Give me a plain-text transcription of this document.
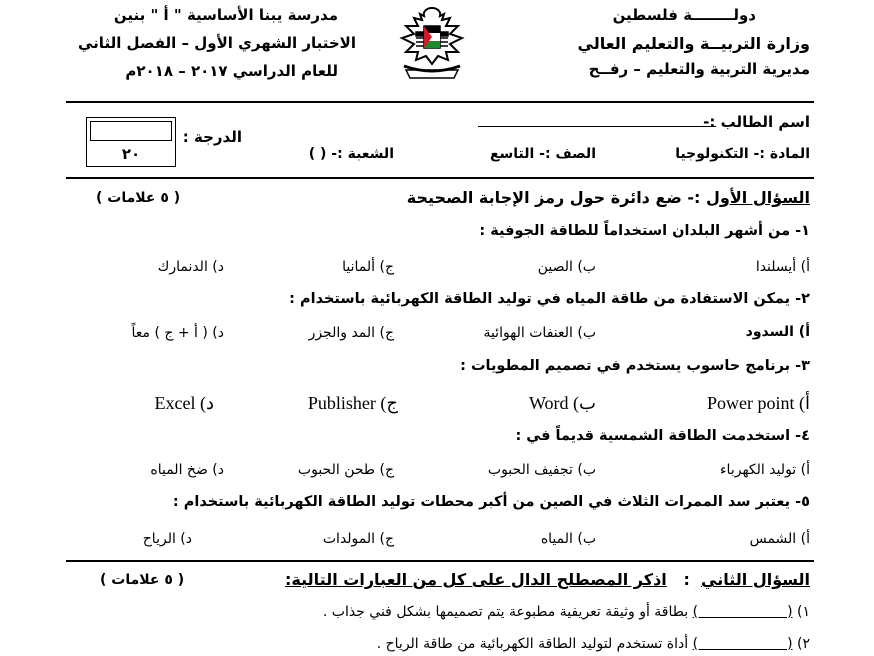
دولــــــــة فلسطين
وزارة التربيــة والتعليم العالي
مديرية التربية والتعليم – رفــح
مدرسة يبنا الأساسية " أ " بنين
الاختبار الشهري الأول – الفصل الثاني
للعام الدراسي ٢٠١٧ – ٢٠١٨م
اسم الطالب :-
الدرجة :
٢٠	المادة :- التكنولوجيا
الصف :- التاسع
الشعبة :- ( )
السؤال الأول :- ضع دائرة حول رمز الإجابة الصحيحة
( ٥ علامات )
١- من أشهر البلدان استخداماً للطاقة الجوفية :
أ) أيسلندا
ب) الصين
ج) ألمانيا
د) الدنمارك
٢- يمكن الاستفادة من طاقة المياه في توليد الطاقة الكهربائية باستخدام :
أ) السدود
ب) العنفات الهوائية
ج) المد والجزر
د) ( أ + ج ) معاً
٣- برنامج حاسوب يستخدم في تصميم المطويات :
أ) Power point
ب) Word
ج) Publisher
د) Excel
٤- استخدمت الطاقة الشمسية قديماً في :
أ) توليد الكهرباء
ب) تجفيف الحبوب
ج) طحن الحبوب
د) ضخ المياه
٥- يعتبر سد الممرات الثلاث في الصين من أكبر محطات توليد الطاقة الكهربائية باستخدام :
أ) الشمس
ب) المياه
ج) المولدات
د) الرياح
السؤال الثاني  :   اذكر المصطلح الدال على كل من العبارات التالية:
( ٥ علامات )
١) (                    ) بطاقة أو وثيقة تعريفية مطبوعة يتم تصميمها بشكل فني جذاب .
٢) (                    ) أداة تستخدم لتوليد الطاقة الكهربائية من طاقة الرياح .
